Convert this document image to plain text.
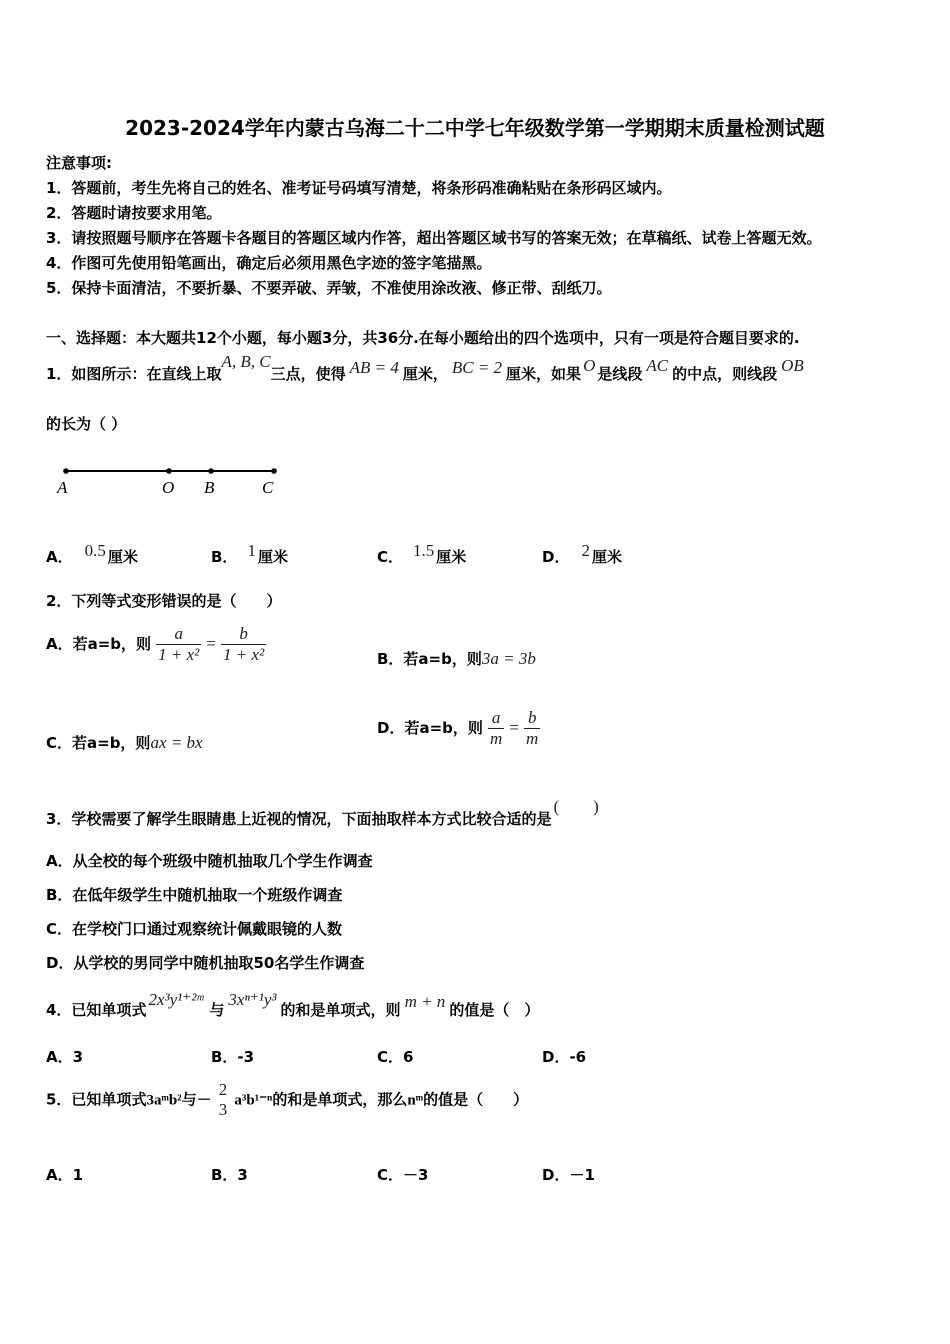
2023-2024学年内蒙古乌海二十二中学七年级数学第一学期期末质量检测试题
注意事项:
1．答题前，考生先将自己的姓名、准考证号码填写清楚，将条形码准确粘贴在条形码区域内。
2．答题时请按要求用笔。
3．请按照题号顺序在答题卡各题目的答题区域内作答，超出答题区域书写的答案无效；在草稿纸、试卷上答题无效。
4．作图可先使用铅笔画出，确定后必须用黑色字迹的签字笔描黑。
5．保持卡面清洁，不要折暴、不要弄破、弄皱，不准使用涂改液、修正带、刮纸刀。
一、选择题：本大题共12个小题，每小题3分，共36分.在每小题给出的四个选项中，只有一项是符合题目要求的.
1．如图所示：在直线上取A, B, C三点，使得 AB = 4 厘米， BC = 2 厘米，如果 O 是线段 AC 的中点，则线段 OB
的长为（ ）
A	O B	C
A． 0.5 厘米	B． 1 厘米	C． 1.5 厘米	D． 2 厘米
2．下列等式变形错误的是（　　）
A．若a=b，则 $\frac{a}{\text{1 + x²}} = \frac{b}{\text{1 + x²}}$	B．若a=b，则3a = 3b
C．若a=b，则ax = bx
D．若a=b，则 $\frac{a}{m} = \frac{b}{m}$
3．学校需要了解学生眼睛患上近视的情况，下面抽取样本方式比较合适的是(　　)
A．从全校的每个班级中随机抽取几个学生作调查
B．在低年级学生中随机抽取一个班级作调查
C．在学校门口通过观察统计佩戴眼镜的人数
D．从学校的男同学中随机抽取50名学生作调查
4．已知单项式2x³y¹⁺²ᵐ与3xⁿ⁺¹y³的和是单项式，则 m + n 的值是（　）
A．3	B．-3	C．6	D．-6
5．已知单项式3aᵐb²与－
2
3 a³b¹⁻ⁿ的和是单项式，那么nᵐ的值是（　　）
A．1	B．3	C．－3	D．－1
